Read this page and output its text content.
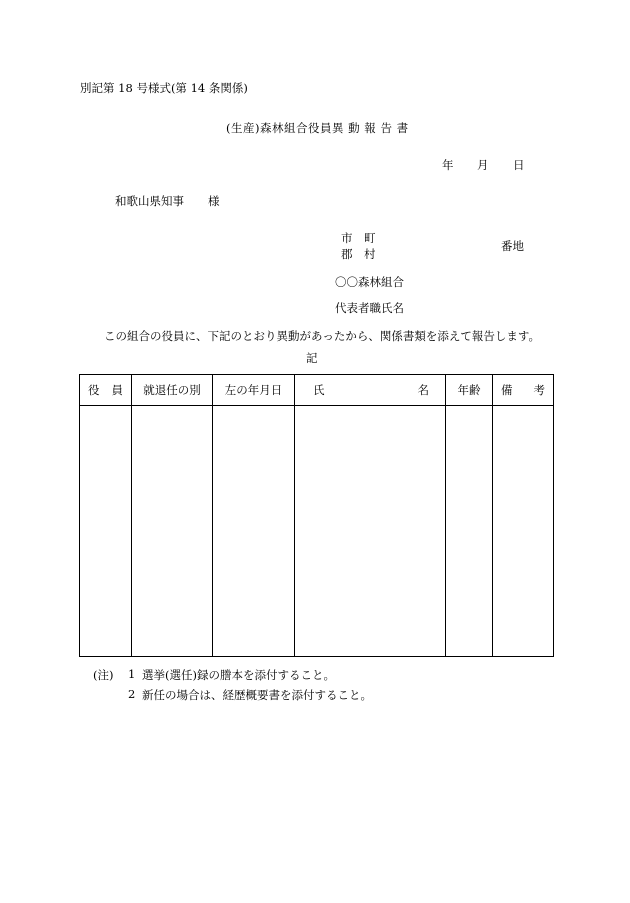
別記第 18 号様式(第 14 条関係)
(生産)森林組合役員異 動 報 告 書
年 月 日
和歌山県知事 様
市　町
郡　村
番地
〇〇森林組合
代表者職氏名
この組合の役員に、下記のとおり異動があったから、関係書類を添えて報告します。
記
役 員	就退任の別	左の年月日	氏 名	年齢	備 考

(注) 1 選挙(選任)録の謄本を添付すること。
2 新任の場合は、経歴概要書を添付すること。
